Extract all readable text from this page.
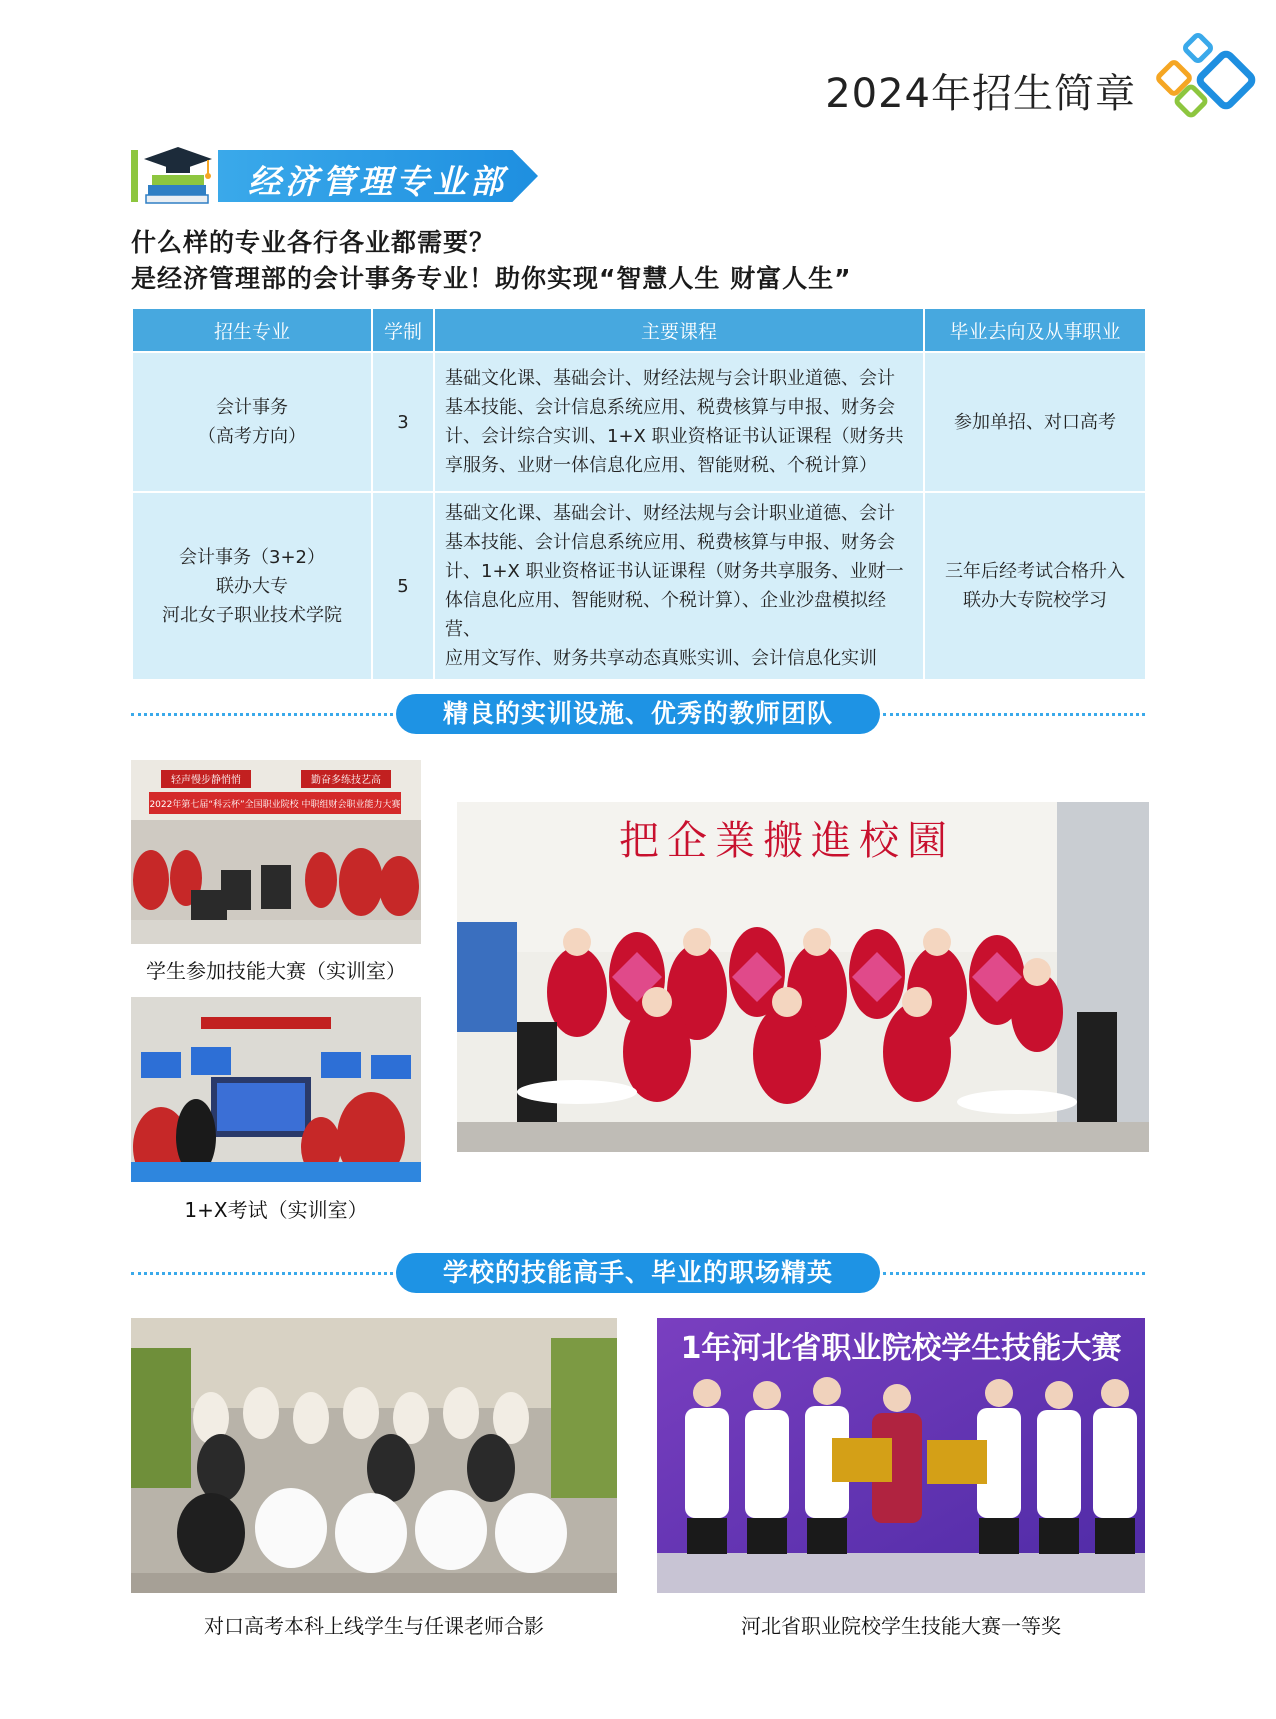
2024年招生简章
经济管理专业部
什么样的专业各行各业都需要？
是经济管理部的会计事务专业！助你实现“智慧人生 财富人生”
招生专业	学制	主要课程	毕业去向及从事职业

会计事务
（高考方向）	3	基础文化课、基础会计、财经法规与会计职业道德、会计
基本技能、会计信息系统应用、税费核算与申报、财务会
计、会计综合实训、1+X 职业资格证书认证课程（财务共
享服务、业财一体信息化应用、智能财税、个税计算）	参加单招、对口高考

会计事务（3+2）
联办大专
河北女子职业技术学院	5	基础文化课、基础会计、财经法规与会计职业道德、会计
基本技能、会计信息系统应用、税费核算与申报、财务会
计、1+X 职业资格证书认证课程（财务共享服务、业财一
体信息化应用、智能财税、个税计算）、企业沙盘模拟经营、
应用文写作、财务共享动态真账实训、会计信息化实训	三年后经考试合格升入
联办大专院校学习
精良的实训设施、优秀的教师团队
轻声慢步静悄悄	勤奋多练技艺高
2022年第七届“科云杯”全国职业院校 中职组财会职业能力大赛
学生参加技能大赛（实训室）
1+X考试（实训室）
把企業搬進校園
学校的技能高手、毕业的职场精英
对口高考本科上线学生与任课老师合影
1年河北省职业院校学生技能大赛
河北省职业院校学生技能大赛一等奖
